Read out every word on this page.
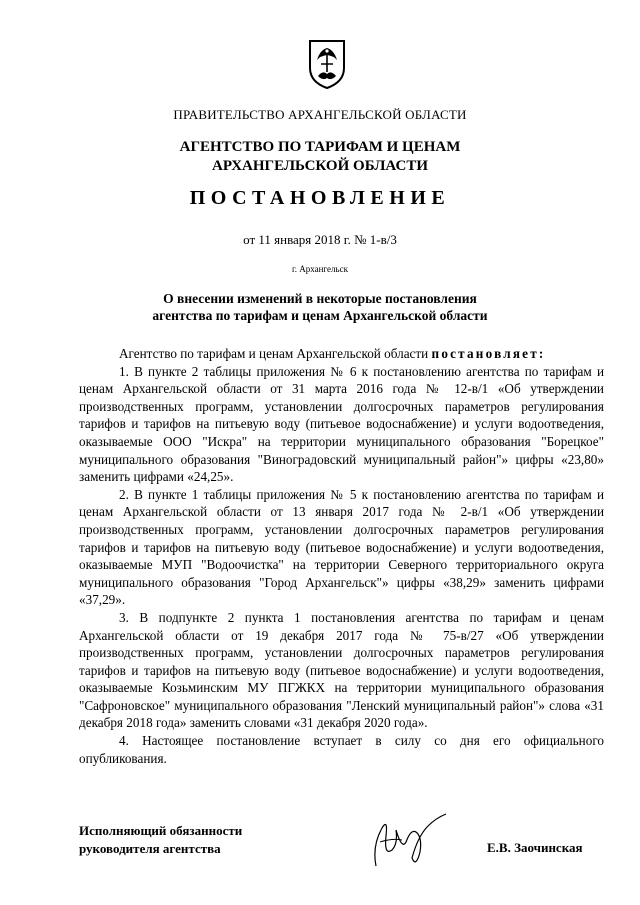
ПРАВИТЕЛЬСТВО АРХАНГЕЛЬСКОЙ ОБЛАСТИ
АГЕНТСТВО ПО ТАРИФАМ И ЦЕНАМ
АРХАНГЕЛЬСКОЙ ОБЛАСТИ
ПОСТАНОВЛЕНИЕ
от 11 января 2018 г. № 1-в/3
г. Архангельск
О внесении изменений в некоторые постановления
агентства по тарифам и ценам Архангельской области

Агентство по тарифам и ценам Архангельской области постановляет:

1. В пункте 2 таблицы приложения № 6 к постановлению агентства по тарифам и ценам Архангельской области от 31 марта 2016 года № 12-в/1 «Об утверждении производственных программ, установлении долгосрочных параметров регулирования тарифов и тарифов на питьевую воду (питьевое водоснабжение) и услуги водоотведения, оказываемые ООО "Искра" на территории муниципального образования "Борецкое" муниципального образования "Виноградовский муниципальный район"» цифры «23,80» заменить цифрами «24,25».

2. В пункте 1 таблицы приложения № 5 к постановлению агентства по тарифам и ценам Архангельской области от 13 января 2017 года № 2-в/1 «Об утверждении производственных программ, установлении долгосрочных параметров регулирования тарифов и тарифов на питьевую воду (питьевое водоснабжение) и услуги водоотведения, оказываемые МУП "Водоочистка" на территории Северного территориального округа муниципального образования "Город Архангельск"» цифры «38,29» заменить цифрами «37,29».

3. В подпункте 2 пункта 1 постановления агентства по тарифам и ценам Архангельской области от 19 декабря 2017 года № 75-в/27 «Об утверждении производственных программ, установлении долгосрочных параметров регулирования тарифов и тарифов на питьевую воду (питьевое водоснабжение) и услуги водоотведения, оказываемые Козьминским МУ ПГЖКХ на территории муниципального образования "Сафроновское" муниципального образования "Ленский муниципальный район"» слова «31 декабря 2018 года» заменить словами «31 декабря 2020 года».

4. Настоящее постановление вступает в силу со дня его официального опубликования.

Исполняющий обязанности
руководителя агентства	Е.В. Заочинская
